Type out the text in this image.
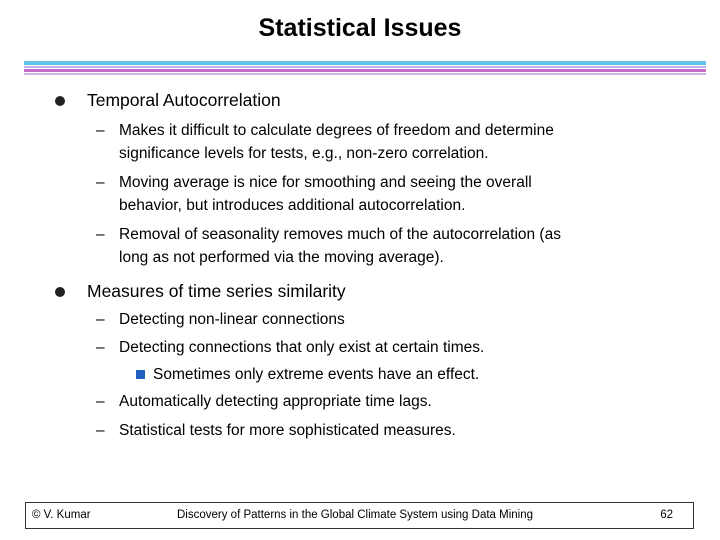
Statistical Issues
Temporal Autocorrelation
– Makes it difficult to calculate degrees of freedom and determine
significance levels for tests, e.g., non-zero correlation.
– Moving average is nice for smoothing and seeing the overall
behavior, but introduces additional autocorrelation.
– Removal of seasonality removes much of the autocorrelation (as
long as not performed via the moving average).
Measures of time series similarity
– Detecting non-linear connections
– Detecting connections that only exist at certain times.
Sometimes only extreme events have an effect.
– Automatically detecting appropriate time lags.
– Statistical tests for more sophisticated measures.
© V. Kumar	Discovery of Patterns in the Global Climate System using Data Mining	62
